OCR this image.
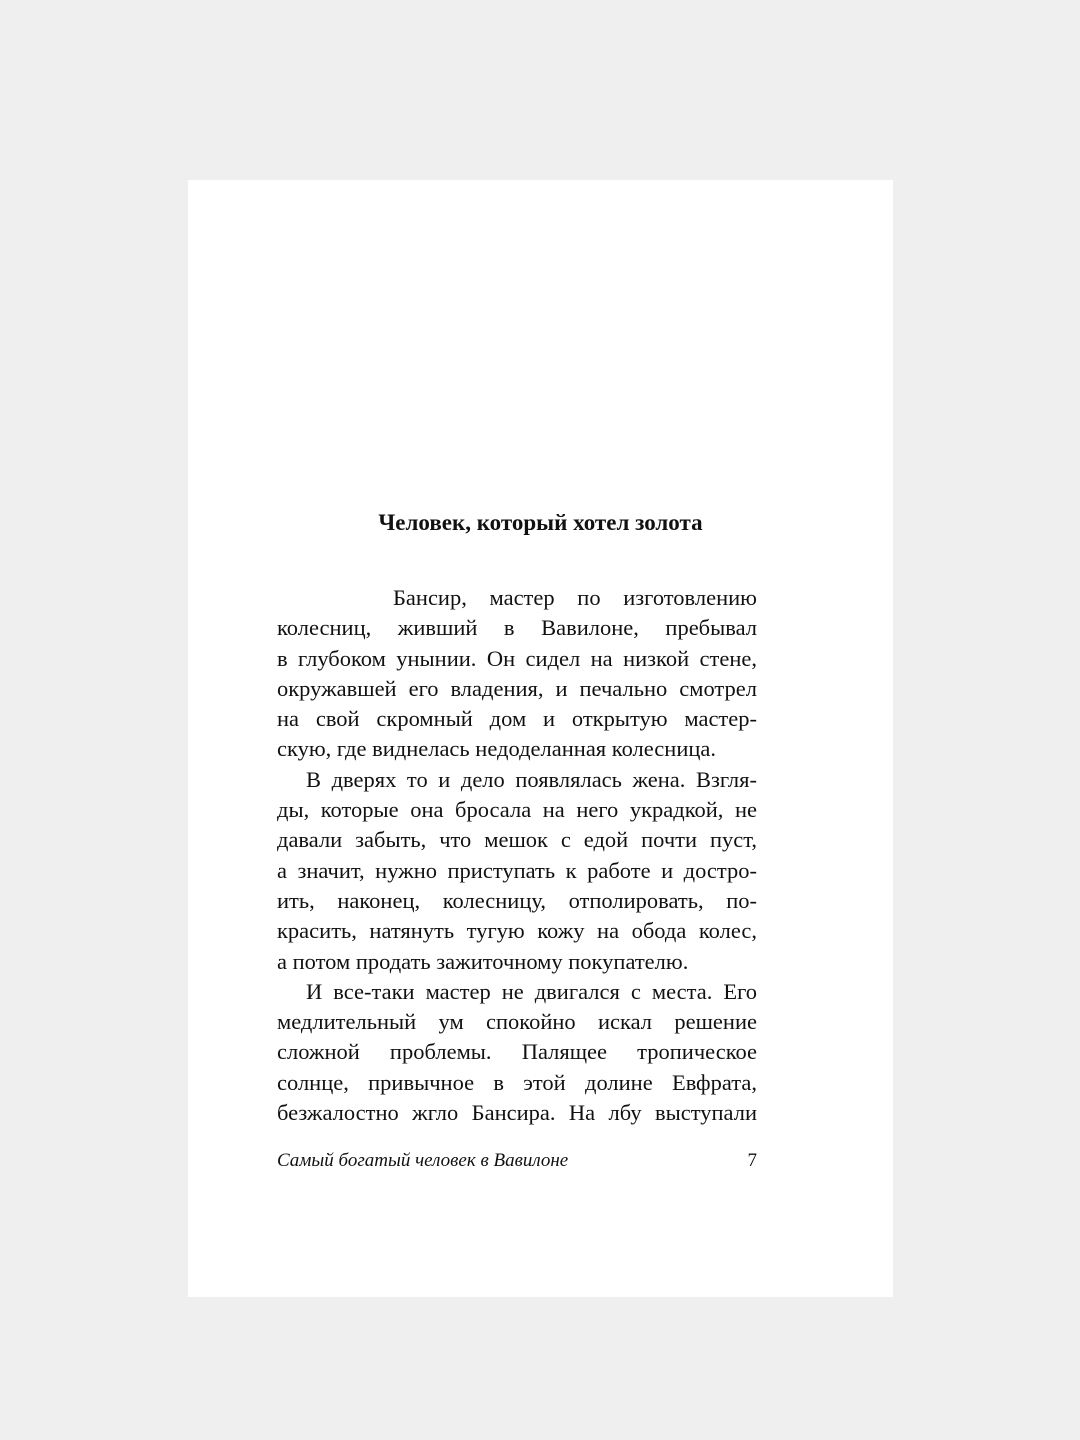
Человек, который хотел золота
Бансир, мастер по изготовлению
колесниц, живший в Вавилоне, пребывал
в глубоком унынии. Он сидел на низкой стене,
окружавшей его владения, и печально смотрел
на свой скромный дом и открытую мастер-
скую, где виднелась недоделанная колесница.
В дверях то и дело появлялась жена. Взгля-
ды, которые она бросала на него украдкой, не
давали забыть, что мешок с едой почти пуст,
а значит, нужно приступать к работе и достро-
ить, наконец, колесницу, отполировать, по-
красить, натянуть тугую кожу на обода колес,
а потом продать зажиточному покупателю.
И все-таки мастер не двигался с места. Его
медлительный ум спокойно искал решение
сложной проблемы. Палящее тропическое
солнце, привычное в этой долине Евфрата,
безжалостно жгло Бансира. На лбу выступали
Самый богатый человек в Вавилоне	7
